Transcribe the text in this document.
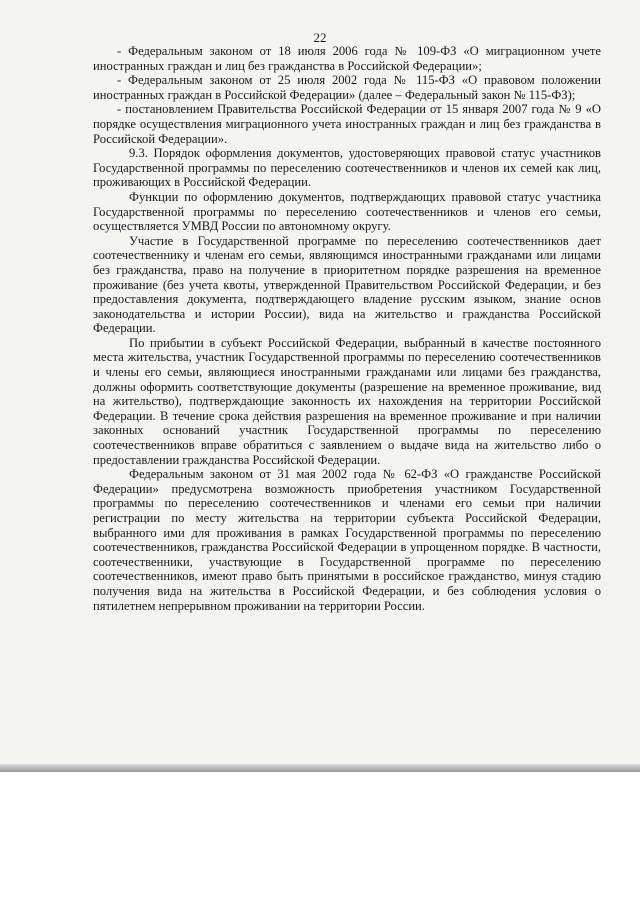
22

- Федеральным законом от 18 июля 2006 года № 109-ФЗ «О миграционном учете иностранных граждан и лиц без гражданства в Российской Федерации»;

- Федеральным законом от 25 июля 2002 года № 115-ФЗ «О правовом положении иностранных граждан в Российской Федерации» (далее – Федеральный закон № 115-ФЗ);

- постановлением Правительства Российской Федерации от 15 января 2007 года № 9 «О порядке осуществления миграционного учета иностранных граждан и лиц без гражданства в Российской Федерации».

9.3. Порядок оформления документов, удостоверяющих правовой статус участников Государственной программы по переселению соотечественников и членов их семей как лиц, проживающих в Российской Федерации.

Функции по оформлению документов, подтверждающих правовой статус участника Государственной программы по переселению соотечественников и членов его семьи, осуществляется УМВД России по автономному округу.

Участие в Государственной программе по переселению соотечественников дает соотечественнику и членам его семьи, являющимся иностранными гражданами или лицами без гражданства, право на получение в приоритетном порядке разрешения на временное проживание (без учета квоты, утвержденной Правительством Российской Федерации, и без предоставления документа, подтверждающего владение русским языком, знание основ законодательства и истории России), вида на жительство и гражданства Российской Федерации.

По прибытии в субъект Российской Федерации, выбранный в качестве постоянного места жительства, участник Государственной программы по переселению соотечественников и члены его семьи, являющиеся иностранными гражданами или лицами без гражданства, должны оформить соответствующие документы (разрешение на временное проживание, вид на жительство), подтверждающие законность их нахождения на территории Российской Федерации. В течение срока действия разрешения на временное проживание и при наличии законных оснований участник Государственной программы по переселению соотечественников вправе обратиться с заявлением о выдаче вида на жительство либо о предоставлении гражданства Российской Федерации.

Федеральным законом от 31 мая 2002 года № 62-ФЗ «О гражданстве Российской Федерации» предусмотрена возможность приобретения участником Государственной программы по переселению соотечественников и членами его семьи при наличии регистрации по месту жительства на территории субъекта Российской Федерации, выбранного ими для проживания в рамках Государственной программы по переселению соотечественников, гражданства Российской Федерации в упрощенном порядке. В частности, соотечественники, участвующие в Государственной программе по переселению соотечественников, имеют право быть принятыми в российское гражданство, минуя стадию получения вида на жительства в Российской Федерации, и без соблюдения условия о пятилетнем непрерывном проживании на территории России.
